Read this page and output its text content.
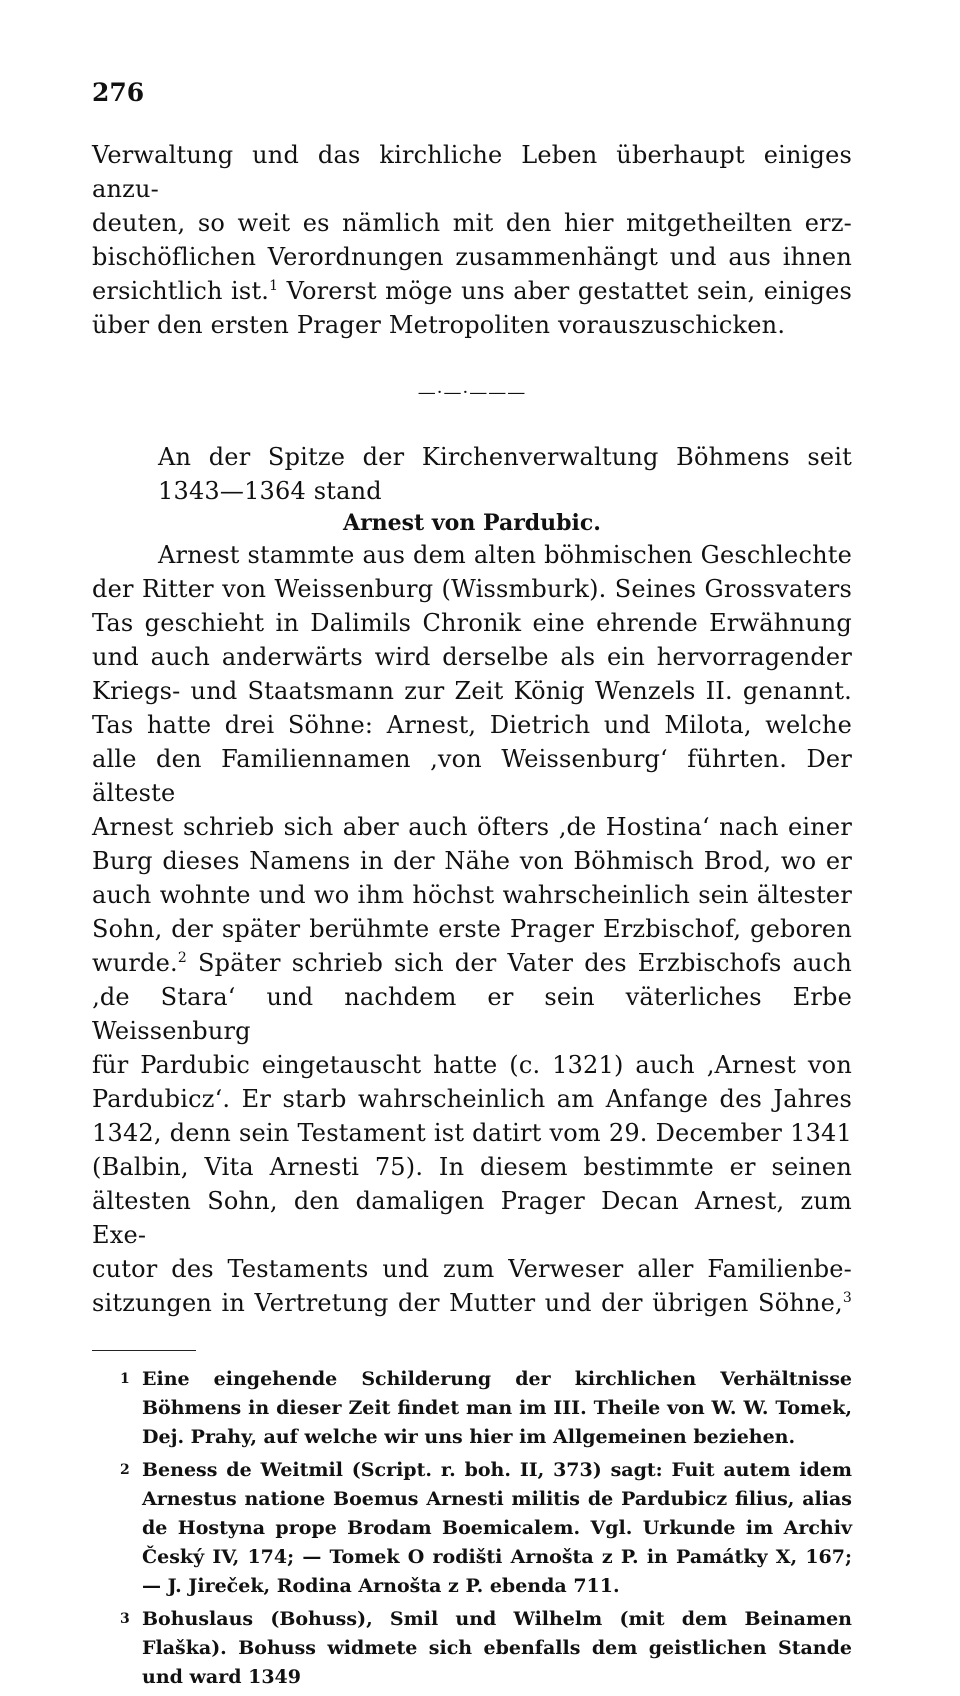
276

Verwaltung und das kirchliche Leben überhaupt einiges anzu-
deuten, so weit es nämlich mit den hier mitgetheilten erz-
bischöflichen Verordnungen zusammenhängt und aus ihnen
ersichtlich ist.$^1$ Vorerst möge uns aber gestattet sein, einiges
über den ersten Prager Metropoliten vorauszuschicken.

—·—·———

An der Spitze der Kirchenverwaltung Böhmens seit
1343—1364 stand

Arnest von Pardubic.

Arnest stammte aus dem alten böhmischen Geschlechte
der Ritter von Weissenburg (Wissmburk). Seines Grossvaters
Tas geschieht in Dalimils Chronik eine ehrende Erwähnung
und auch anderwärts wird derselbe als ein hervorragender
Kriegs- und Staatsmann zur Zeit König Wenzels II. genannt.
Tas hatte drei Söhne: Arnest, Dietrich und Milota, welche
alle den Familiennamen ‚von Weissenburg‘ führten. Der älteste
Arnest schrieb sich aber auch öfters ‚de Hostina‘ nach einer
Burg dieses Namens in der Nähe von Böhmisch Brod, wo er
auch wohnte und wo ihm höchst wahrscheinlich sein ältester
Sohn, der später berühmte erste Prager Erzbischof, geboren
wurde.$^2$ Später schrieb sich der Vater des Erzbischofs auch
‚de Stara‘ und nachdem er sein väterliches Erbe Weissenburg
für Pardubic eingetauscht hatte (c. 1321) auch ‚Arnest von
Pardubicz‘. Er starb wahrscheinlich am Anfange des Jahres
1342, denn sein Testament ist datirt vom 29. December 1341
(Balbin, Vita Arnesti 75). In diesem bestimmte er seinen
ältesten Sohn, den damaligen Prager Decan Arnest, zum Exe-
cutor des Testaments und zum Verweser aller Familienbe-
sitzungen in Vertretung der Mutter und der übrigen Söhne,$^3$

1 Eine eingehende Schilderung der kirchlichen Verhältnisse Böhmens in dieser Zeit findet man im III. Theile von W. W. Tomek, Dej. Prahy, auf welche wir uns hier im Allgemeinen beziehen.
2 Beness de Weitmil (Script. r. boh. II, 373) sagt: Fuit autem idem Arnestus natione Boemus Arnesti militis de Pardubicz filius, alias de Hostyna prope Brodam Boemicalem. Vgl. Urkunde im Archiv Český IV, 174; — Tomek O rodišti Arnošta z P. in Památky X, 167; — J. Jireček, Rodina Arnošta z P. ebenda 711.
3 Bohuslaus (Bohuss), Smil und Wilhelm (mit dem Beinamen Flaška). Bohuss widmete sich ebenfalls dem geistlichen Stande und ward 1349
